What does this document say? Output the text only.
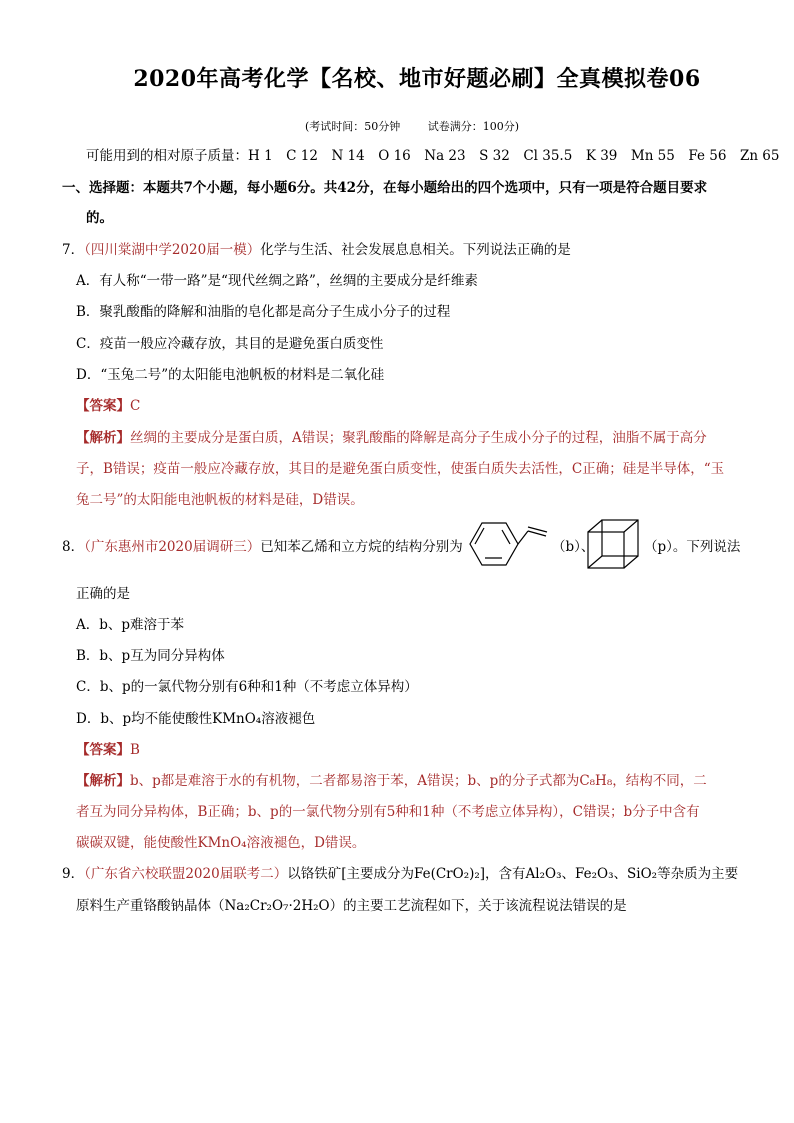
2020年高考化学【名校、地市好题必刷】全真模拟卷06
(考试时间：50分钟	试卷满分：100分)
可能用到的相对原子质量：H 1　C 12　N 14　O 16　Na 23　S 32　Cl 35.5　K 39　Mn 55　Fe 56　Zn 65
一、选择题：本题共7个小题，每小题6分。共42分，在每小题给出的四个选项中，只有一项是符合题目要求
的。
7．（四川棠湖中学2020届一模）化学与生活、社会发展息息相关。下列说法正确的是
A．有人称“一带一路”是“现代丝绸之路”，丝绸的主要成分是纤维素
B．聚乳酸酯的降解和油脂的皂化都是高分子生成小分子的过程
C．疫苗一般应冷藏存放，其目的是避免蛋白质变性
D．“玉兔二号”的太阳能电池帆板的材料是二氧化硅
【答案】C
【解析】丝绸的主要成分是蛋白质，A错误；聚乳酸酯的降解是高分子生成小分子的过程，油脂不属于高分
子，B错误；疫苗一般应冷藏存放，其目的是避免蛋白质变性，使蛋白质失去活性，C正确；硅是半导体，“玉
兔二号”的太阳能电池帆板的材料是硅，D错误。
8．（广东惠州市2020届调研三）已知苯乙烯和立方烷的结构分别为	（b）、	（p）。下列说法
正确的是
A．b、p难溶于苯
B．b、p互为同分异构体
C．b、p的一氯代物分别有6种和1种（不考虑立体异构）
D．b、p均不能使酸性KMnO₄溶液褪色
【答案】B
【解析】b、p都是难溶于水的有机物，二者都易溶于苯，A错误；b、p的分子式都为C₈H₈，结构不同，二
者互为同分异构体，B正确；b、p的一氯代物分别有5种和1种（不考虑立体异构），C错误；b分子中含有
碳碳双键，能使酸性KMnO₄溶液褪色，D错误。
9．（广东省六校联盟2020届联考二）以铬铁矿[主要成分为Fe(CrO₂)₂]，含有Al₂O₃、Fe₂O₃、SiO₂等杂质为主要
原料生产重铬酸钠晶体（Na₂Cr₂O₇·2H₂O）的主要工艺流程如下，关于该流程说法错误的是
